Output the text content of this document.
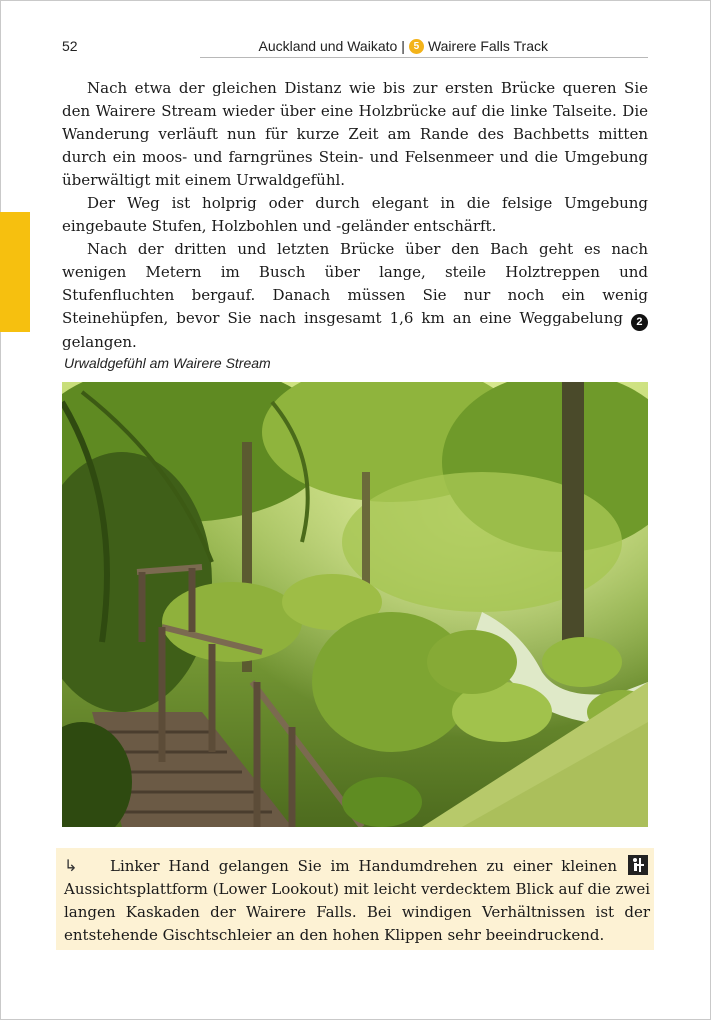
52	Auckland und Waikato | 5 Wairere Falls Track

Nach etwa der gleichen Distanz wie bis zur ersten Brücke queren Sie den Wairere Stream wieder über eine Holzbrücke auf die linke Talseite. Die Wanderung verläuft nun für kurze Zeit am Rande des Bachbetts mitten durch ein moos- und farngrünes Stein- und Felsenmeer und die Umgebung überwältigt mit einem Urwaldgefühl.

Der Weg ist holprig oder durch elegant in die felsige Umgebung eingebaute Stufen, Holzbohlen und -geländer entschärft.

Nach der dritten und letzten Brücke über den Bach geht es nach wenigen Metern im Busch über lange, steile Holztreppen und Stufenfluchten bergauf. Danach müssen Sie nur noch ein wenig Steinehüpfen, bevor Sie nach insgesamt 1,6 km an eine Weggabelung 2 gelangen.

Urwaldgefühl am Wairere Stream
↳ Linker Hand gelangen Sie im Handumdrehen zu einer kleinen
Aussichtsplattform (Lower Lookout) mit leicht verdecktem Blick auf die zwei langen Kaskaden der Wairere Falls. Bei windigen Verhältnissen ist der entstehende Gischtschleier an den hohen Klippen sehr beeindruckend.
